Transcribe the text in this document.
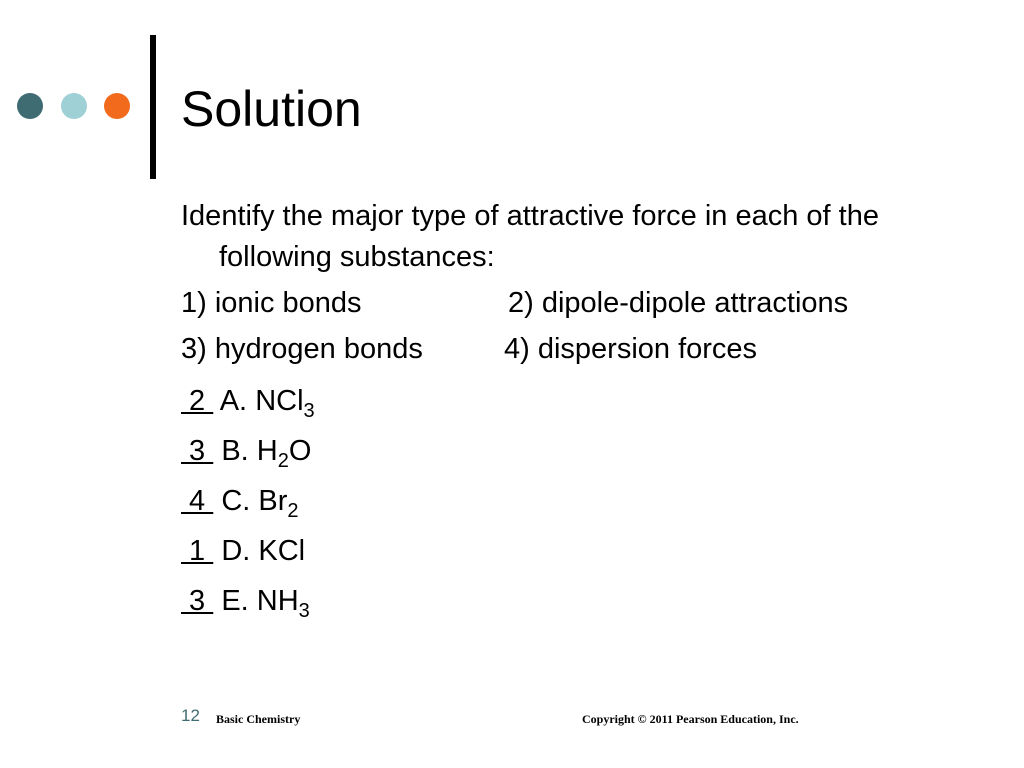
Solution

Identify the major type of attractive force in each of the following substances:

1) ionic bonds	2) dipole-dipole attractions
3) hydrogen bonds	4) dispersion forces
2  A. NCl$_3$
3  B. $H_2O$
4  C. $Br_2$
1  D. KCl
3  E. $NH_3$
12 Basic Chemistry	Copyright © 2011 Pearson Education, Inc.
